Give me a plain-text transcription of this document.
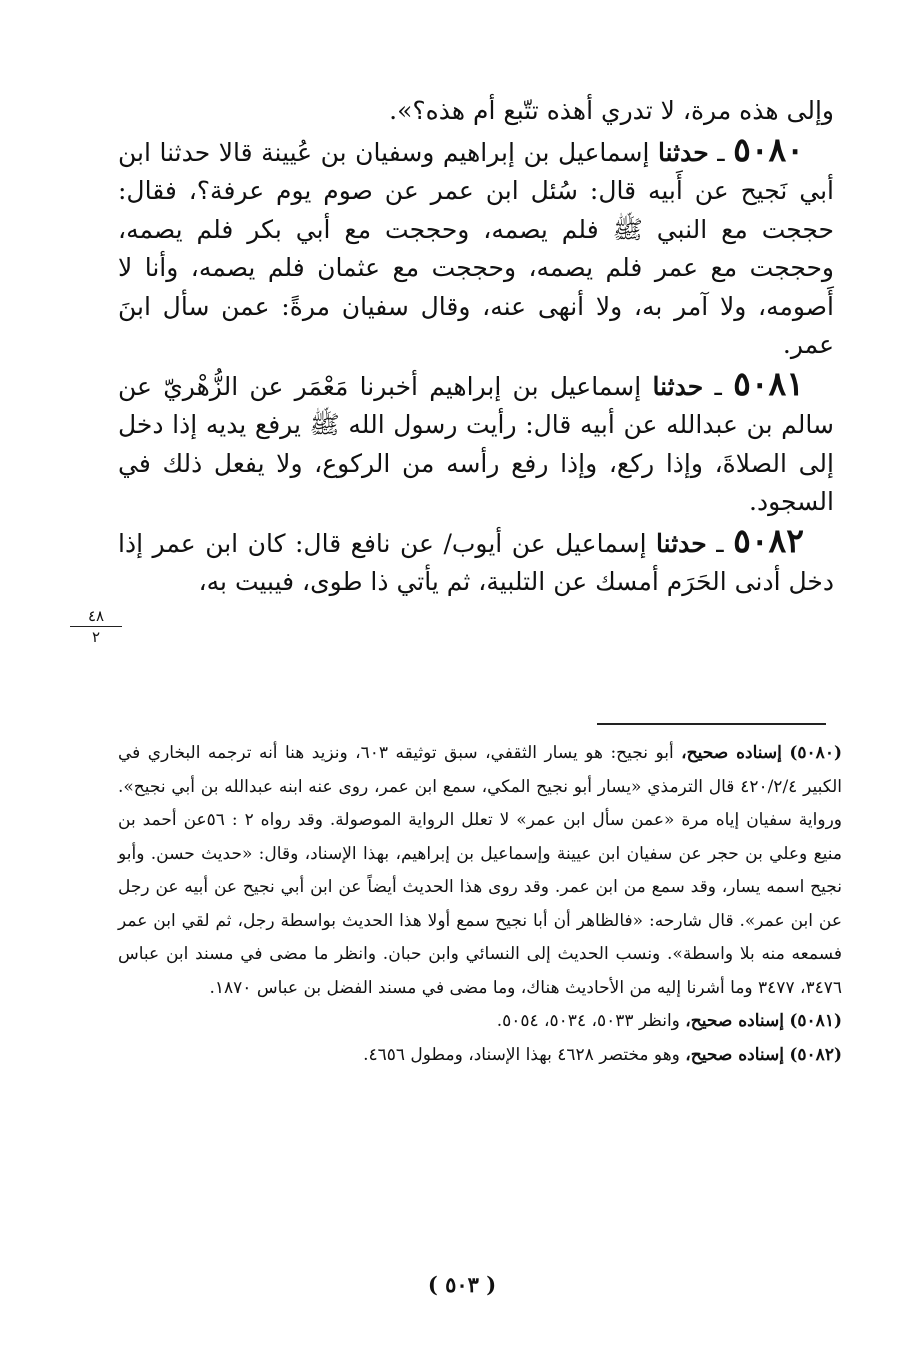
وإلى هذه مرة، لا تدري أهذه تتّبع أم هذه؟».

٥٠٨٠ ـ حدثنا إسماعيل بن إبراهيم وسفيان بن عُيينة قالا حدثنا ابن أبي نَجيح عن أَبيه قال: سُئل ابن عمر عن صوم يوم عرفة؟، فقال: حججت مع النبي ﷺ فلم يصمه، وحججت مع أبي بكر فلم يصمه، وحججت مع عمر فلم يصمه، وحججت مع عثمان فلم يصمه، وأنا لا أَصومه، ولا آمر به، ولا أنهى عنه، وقال سفيان مرةً: عمن سأل ابنَ عمر.

٥٠٨١ ـ حدثنا إسماعيل بن إبراهيم أخبرنا مَعْمَر عن الزُّهْريّ عن سالم بن عبدالله عن أبيه قال: رأيت رسول الله ﷺ يرفع يديه إذا دخل إلى الصلاةَ، وإذا ركع، وإذا رفع رأسه من الركوع، ولا يفعل ذلك في السجود.

٥٠٨٢ ـ حدثنا إسماعيل عن أيوب/ عن نافع قال: كان ابن عمر إذا دخل أدنى الحَرَم أمسك عن التلبية، ثم يأتي ذا طوى، فيبيت به،

٤٨
٢

(٥٠٨٠) إسناده صحيح، أبو نجيح: هو يسار الثقفي، سبق توثيقه ٦٠٣، ونزيد هنا أنه ترجمه البخاري في الكبير ٤٢٠/٢/٤ قال الترمذي «يسار أبو نجيح المكي، سمع ابن عمر، روى عنه ابنه عبدالله بن أبي نجيح». ورواية سفيان إياه مرة «عمن سأل ابن عمر» لا تعلل الرواية الموصولة. وقد رواه ٢ : ٥٦عن أحمد بن منيع وعلي بن حجر عن سفيان ابن عيينة وإسماعيل بن إبراهيم، بهذا الإسناد، وقال: «حديث حسن. وأبو نجيح اسمه يسار، وقد سمع من ابن عمر. وقد روى هذا الحديث أيضاً عن ابن أبي نجيح عن أبيه عن رجل عن ابن عمر». قال شارحه: «فالظاهر أن أبا نجيح سمع أولا هذا الحديث بواسطة رجل، ثم لقي ابن عمر فسمعه منه بلا واسطة». ونسب الحديث إلى النسائي وابن حبان. وانظر ما مضى في مسند ابن عباس ٣٤٧٦، ٣٤٧٧ وما أشرنا إليه من الأحاديث هناك، وما مضى في مسند الفضل بن عباس ١٨٧٠.

(٥٠٨١) إسناده صحيح، وانظر ٥٠٣٣، ٥٠٣٤، ٥٠٥٤.

(٥٠٨٢) إسناده صحيح، وهو مختصر ٤٦٢٨ بهذا الإسناد، ومطول ٤٦٥٦.

( ٥٠٣ )
